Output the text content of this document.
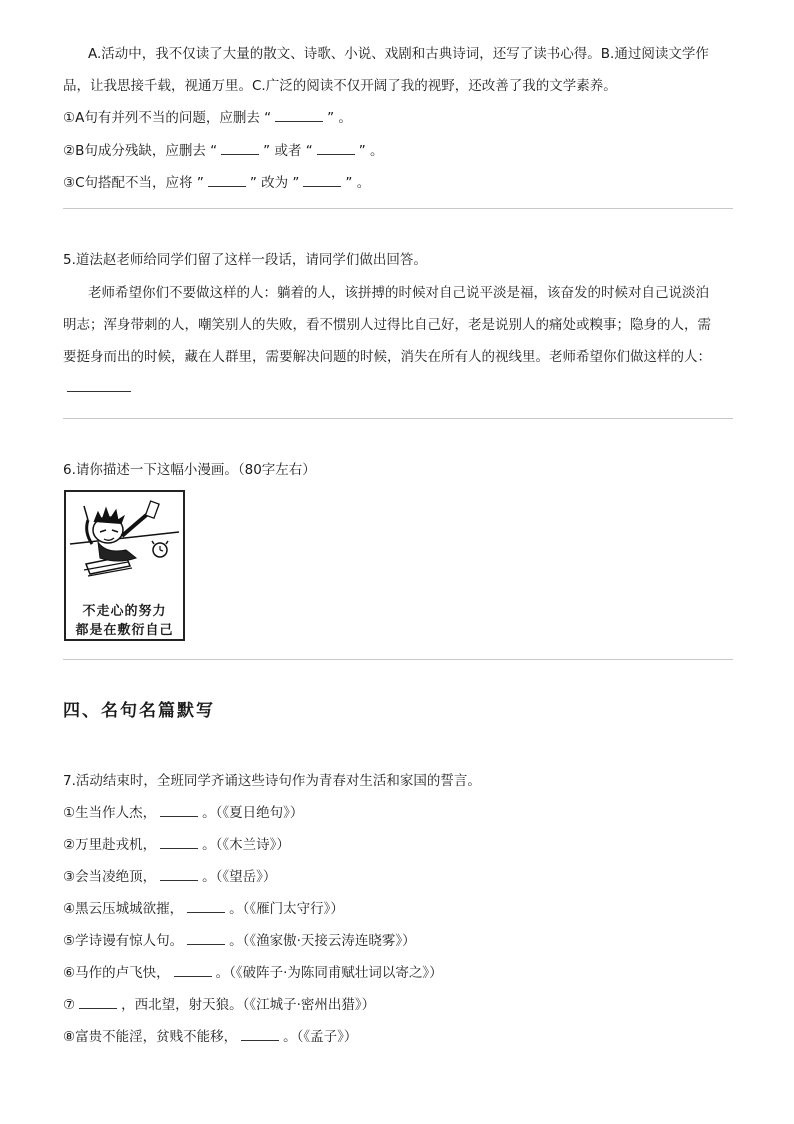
A.活动中，我不仅读了大量的散文、诗歌、小说、戏剧和古典诗词，还写了读书心得。B.通过阅读文学作
品，让我思接千载，视通万里。C.广泛的阅读不仅开阔了我的视野，还改善了我的文学素养。
①A句有并列不当的问题，应删去 “	” 。
②B句成分残缺，应删去 “	” 或者 “	” 。
③C句搭配不当，应将 ”	” 改为 ”	” 。
5.道法赵老师给同学们留了这样一段话，请同学们做出回答。
老师希望你们不要做这样的人：躺着的人，该拼搏的时候对自己说平淡是福，该奋发的时候对自己说淡泊
明志；浑身带刺的人，嘲笑别人的失败，看不惯别人过得比自己好，老是说别人的痛处或糗事；隐身的人，需
要挺身而出的时候，藏在人群里，需要解决问题的时候，消失在所有人的视线里。老师希望你们做这样的人：
6.请你描述一下这幅小漫画。（80字左右）
不走心的努力
都是在敷衍自己
四、名句名篇默写
7.活动结束时，全班同学齐诵这些诗句作为青春对生活和家国的誓言。
①生当作人杰，	。（《夏日绝句》）
②万里赴戎机，	。（《木兰诗》）
③会当凌绝顶，	。（《望岳》）
④黑云压城城欲摧，	。（《雁门太守行》）
⑤学诗谩有惊人句。	。（《渔家傲·天接云涛连晓雾》）
⑥马作的卢飞快，	。（《破阵子·为陈同甫赋壮词以寄之》）
⑦	，西北望，射天狼。（《江城子·密州出猎》）
⑧富贵不能淫，贫贱不能移，	。（《孟子》）
